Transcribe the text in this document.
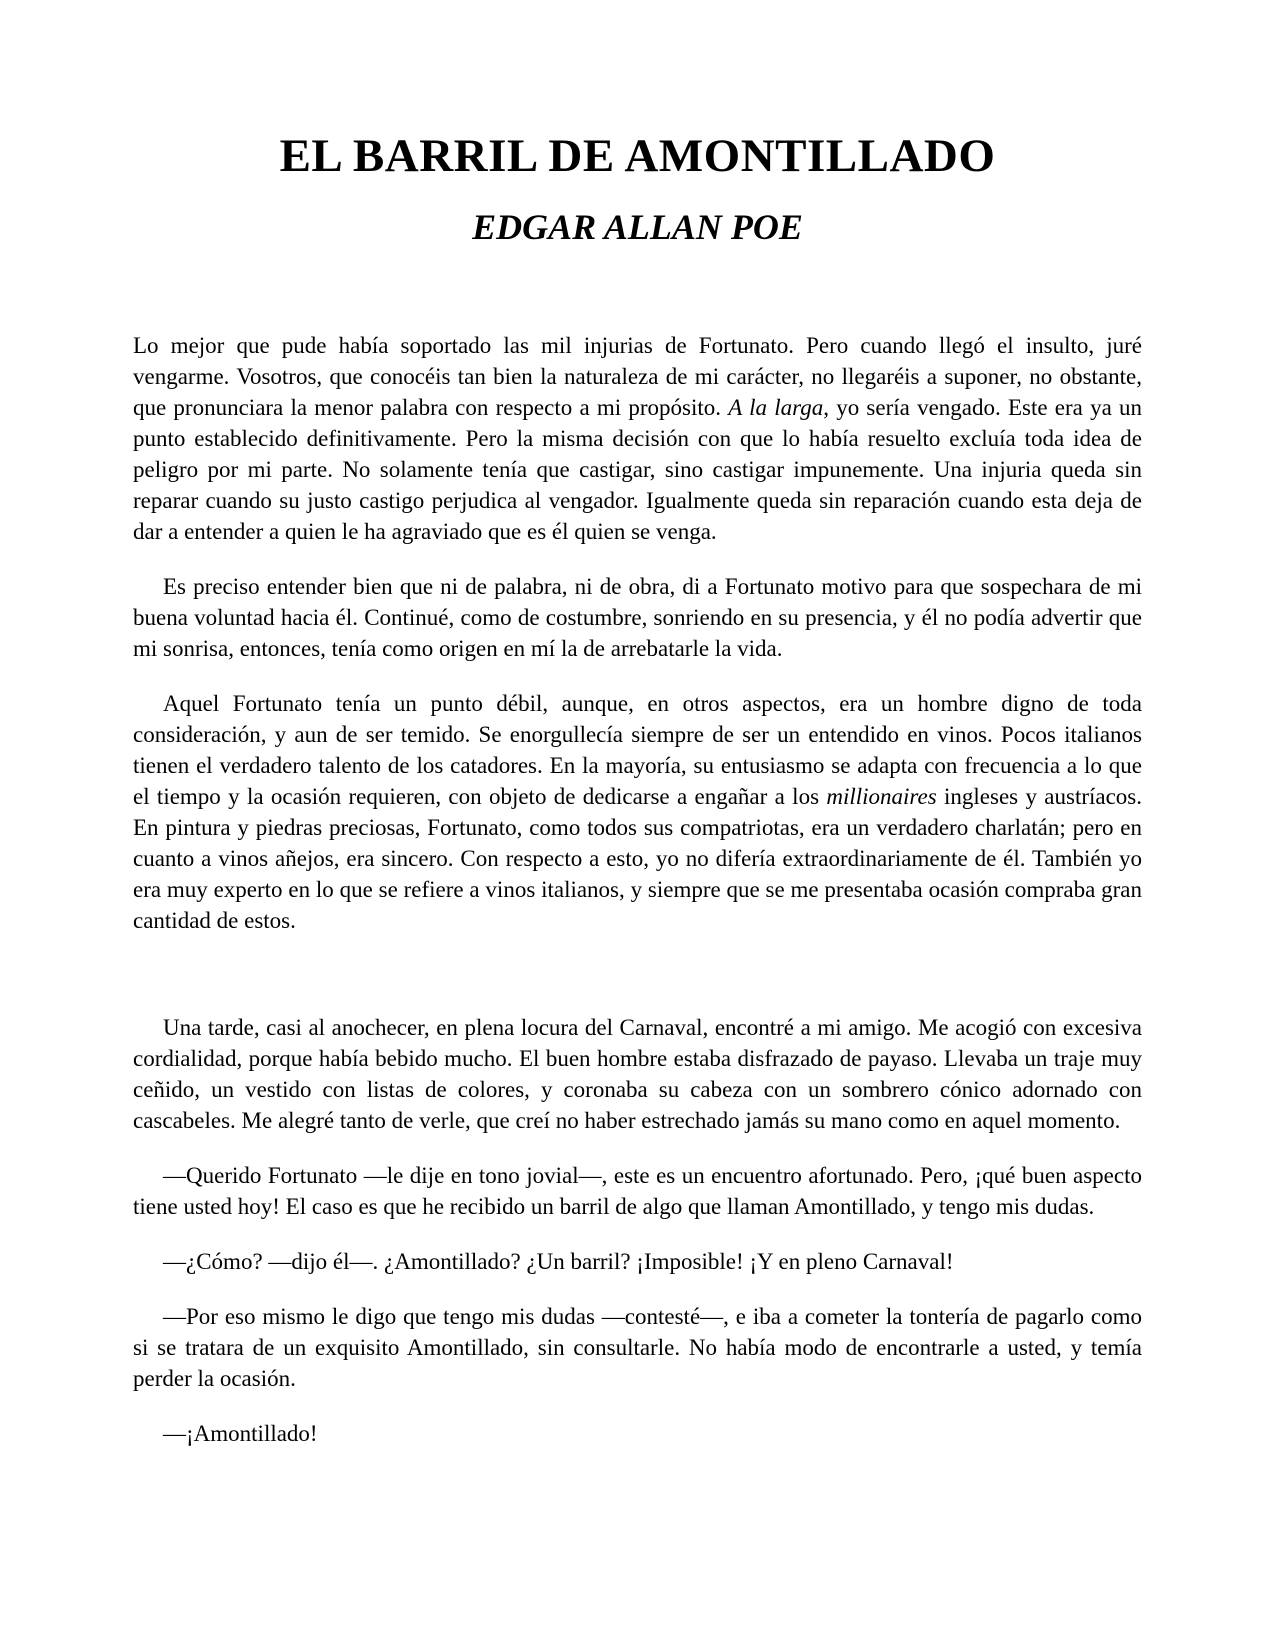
EL BARRIL DE AMONTILLADO
EDGAR ALLAN POE

Lo mejor que pude había soportado las mil injurias de Fortunato. Pero cuando llegó el insulto, juré vengarme. Vosotros, que conocéis tan bien la naturaleza de mi carácter, no llegaréis a suponer, no obstante, que pronunciara la menor palabra con respecto a mi propósito. A la larga, yo sería vengado. Este era ya un punto establecido definitivamente. Pero la misma decisión con que lo había resuelto excluía toda idea de peligro por mi parte. No solamente tenía que castigar, sino castigar impunemente. Una injuria queda sin reparar cuando su justo castigo perjudica al vengador. Igualmente queda sin reparación cuando esta deja de dar a entender a quien le ha agraviado que es él quien se venga.

Es preciso entender bien que ni de palabra, ni de obra, di a Fortunato motivo para que sospechara de mi buena voluntad hacia él. Continué, como de costumbre, sonriendo en su presencia, y él no podía advertir que mi sonrisa, entonces, tenía como origen en mí la de arrebatarle la vida.

Aquel Fortunato tenía un punto débil, aunque, en otros aspectos, era un hombre digno de toda consideración, y aun de ser temido. Se enorgullecía siempre de ser un entendido en vinos. Pocos italianos tienen el verdadero talento de los catadores. En la mayoría, su entusiasmo se adapta con frecuencia a lo que el tiempo y la ocasión requieren, con objeto de dedicarse a engañar a los millionaires ingleses y austríacos. En pintura y piedras preciosas, Fortunato, como todos sus compatriotas, era un verdadero charlatán; pero en cuanto a vinos añejos, era sincero. Con respecto a esto, yo no difería extraordinariamente de él. También yo era muy experto en lo que se refiere a vinos italianos, y siempre que se me presentaba ocasión compraba gran cantidad de estos.

Una tarde, casi al anochecer, en plena locura del Carnaval, encontré a mi amigo. Me acogió con excesiva cordialidad, porque había bebido mucho. El buen hombre estaba disfrazado de payaso. Llevaba un traje muy ceñido, un vestido con listas de colores, y coronaba su cabeza con un sombrero cónico adornado con cascabeles. Me alegré tanto de verle, que creí no haber estrechado jamás su mano como en aquel momento.

—Querido Fortunato —le dije en tono jovial—, este es un encuentro afortunado. Pero, ¡qué buen aspecto tiene usted hoy! El caso es que he recibido un barril de algo que llaman Amontillado, y tengo mis dudas.

—¿Cómo? —dijo él—. ¿Amontillado? ¿Un barril? ¡Imposible! ¡Y en pleno Carnaval!

—Por eso mismo le digo que tengo mis dudas —contesté—, e iba a cometer la tontería de pagarlo como si se tratara de un exquisito Amontillado, sin consultarle. No había modo de encontrarle a usted, y temía perder la ocasión.

—¡Amontillado!
